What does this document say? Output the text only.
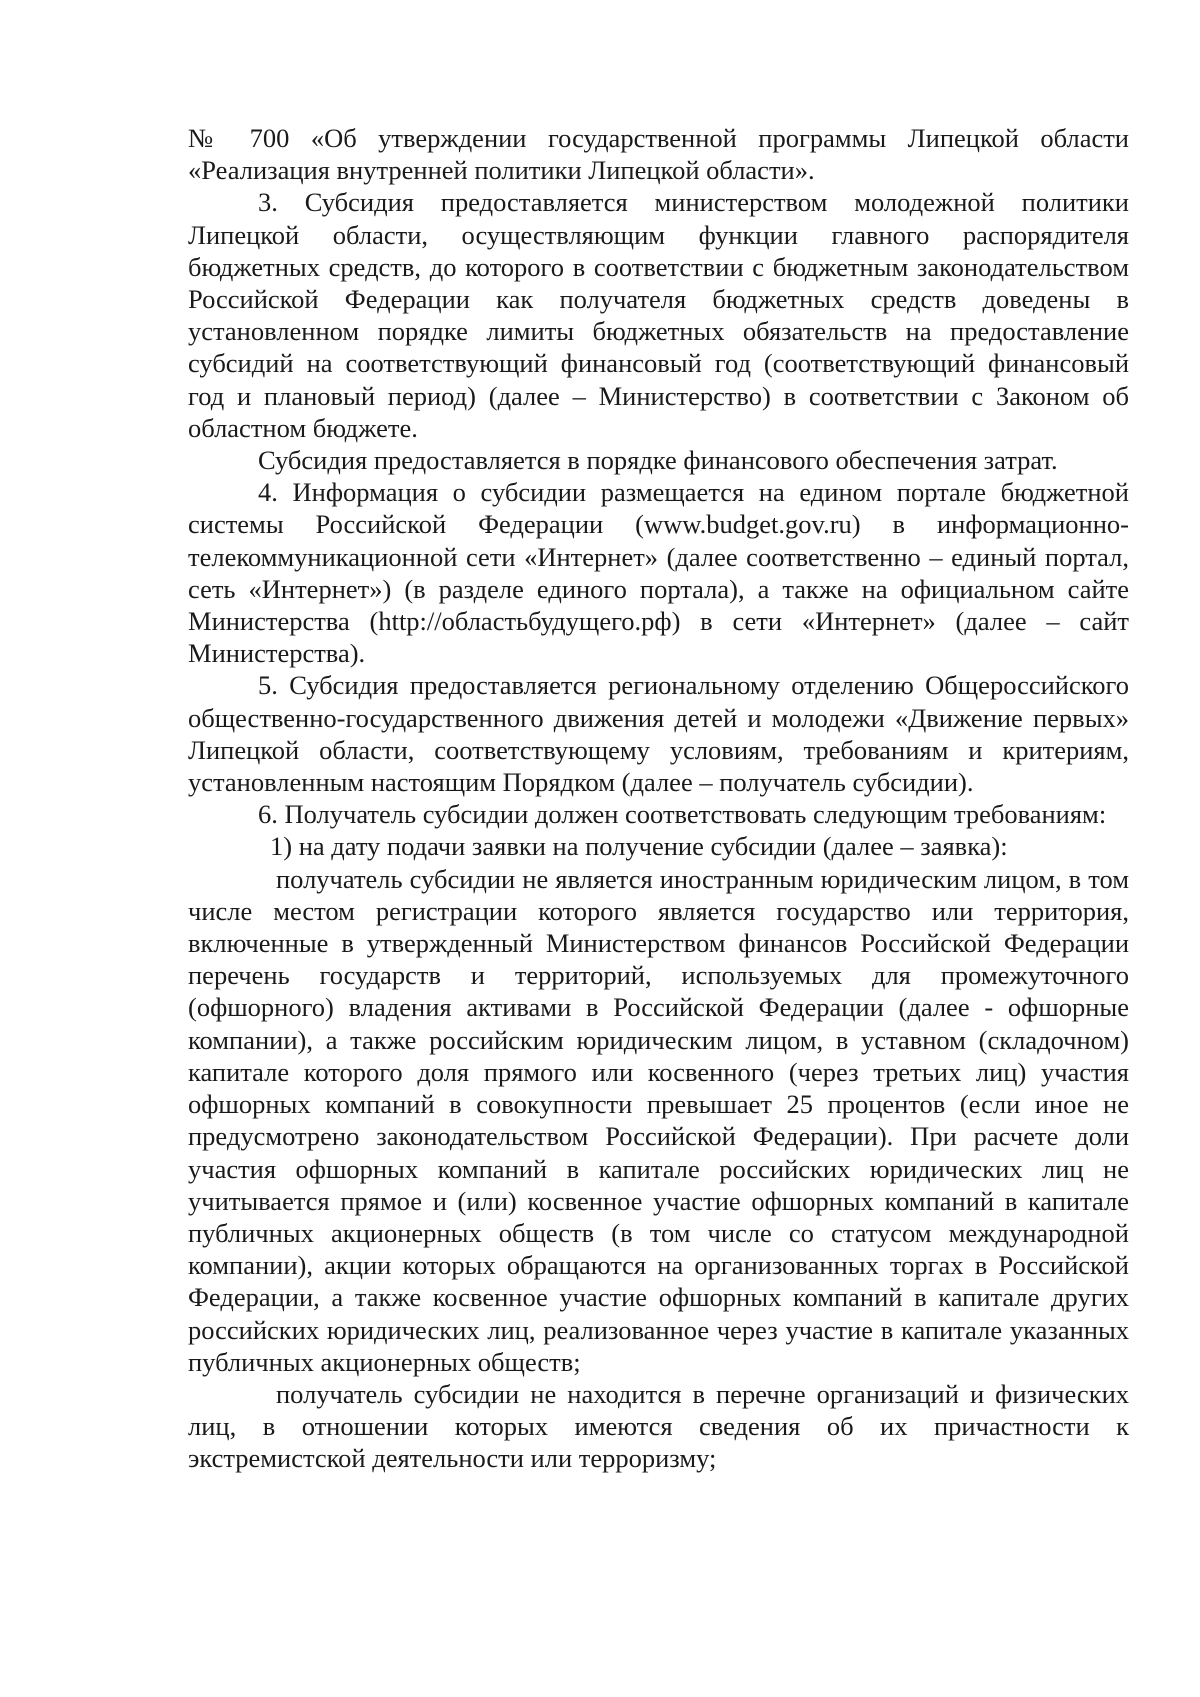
№ 700 «Об утверждении государственной программы Липецкой области «Реализация внутренней политики Липецкой области».

3. Субсидия предоставляется министерством молодежной политики Липецкой области, осуществляющим функции главного распорядителя бюджетных средств, до которого в соответствии с бюджетным законодательством Российской Федерации как получателя бюджетных средств доведены в установленном порядке лимиты бюджетных обязательств на предоставление субсидий на соответствующий финансовый год (соответствующий финансовый год и плановый период) (далее – Министерство) в соответствии с Законом об областном бюджете.

Субсидия предоставляется в порядке финансового обеспечения затрат.

4. Информация о субсидии размещается на едином портале бюджетной системы Российской Федерации (www.budget.gov.ru) в информационно-телекоммуникационной сети «Интернет» (далее соответственно – единый портал, сеть «Интернет») (в разделе единого портала), а также на официальном сайте Министерства (http://областьбудущего.рф) в сети «Интернет» (далее – сайт Министерства).

5. Субсидия предоставляется региональному отделению Общероссийского общественно-государственного движения детей и молодежи «Движение первых» Липецкой области, соответствующему условиям, требованиям и критериям, установленным настоящим Порядком (далее – получатель субсидии).

6. Получатель субсидии должен соответствовать следующим требованиям:

1) на дату подачи заявки на получение субсидии (далее – заявка):

получатель субсидии не является иностранным юридическим лицом, в том числе местом регистрации которого является государство или территория, включенные в утвержденный Министерством финансов Российской Федерации перечень государств и территорий, используемых для промежуточного (офшорного) владения активами в Российской Федерации (далее - офшорные компании), а также российским юридическим лицом, в уставном (складочном) капитале которого доля прямого или косвенного (через третьих лиц) участия офшорных компаний в совокупности превышает 25 процентов (если иное не предусмотрено законодательством Российской Федерации). При расчете доли участия офшорных компаний в капитале российских юридических лиц не учитывается прямое и (или) косвенное участие офшорных компаний в капитале публичных акционерных обществ (в том числе со статусом международной компании), акции которых обращаются на организованных торгах в Российской Федерации, а также косвенное участие офшорных компаний в капитале других российских юридических лиц, реализованное через участие в капитале указанных публичных акционерных обществ;

получатель субсидии не находится в перечне организаций и физических лиц, в отношении которых имеются сведения об их причастности к экстремистской деятельности или терроризму;
